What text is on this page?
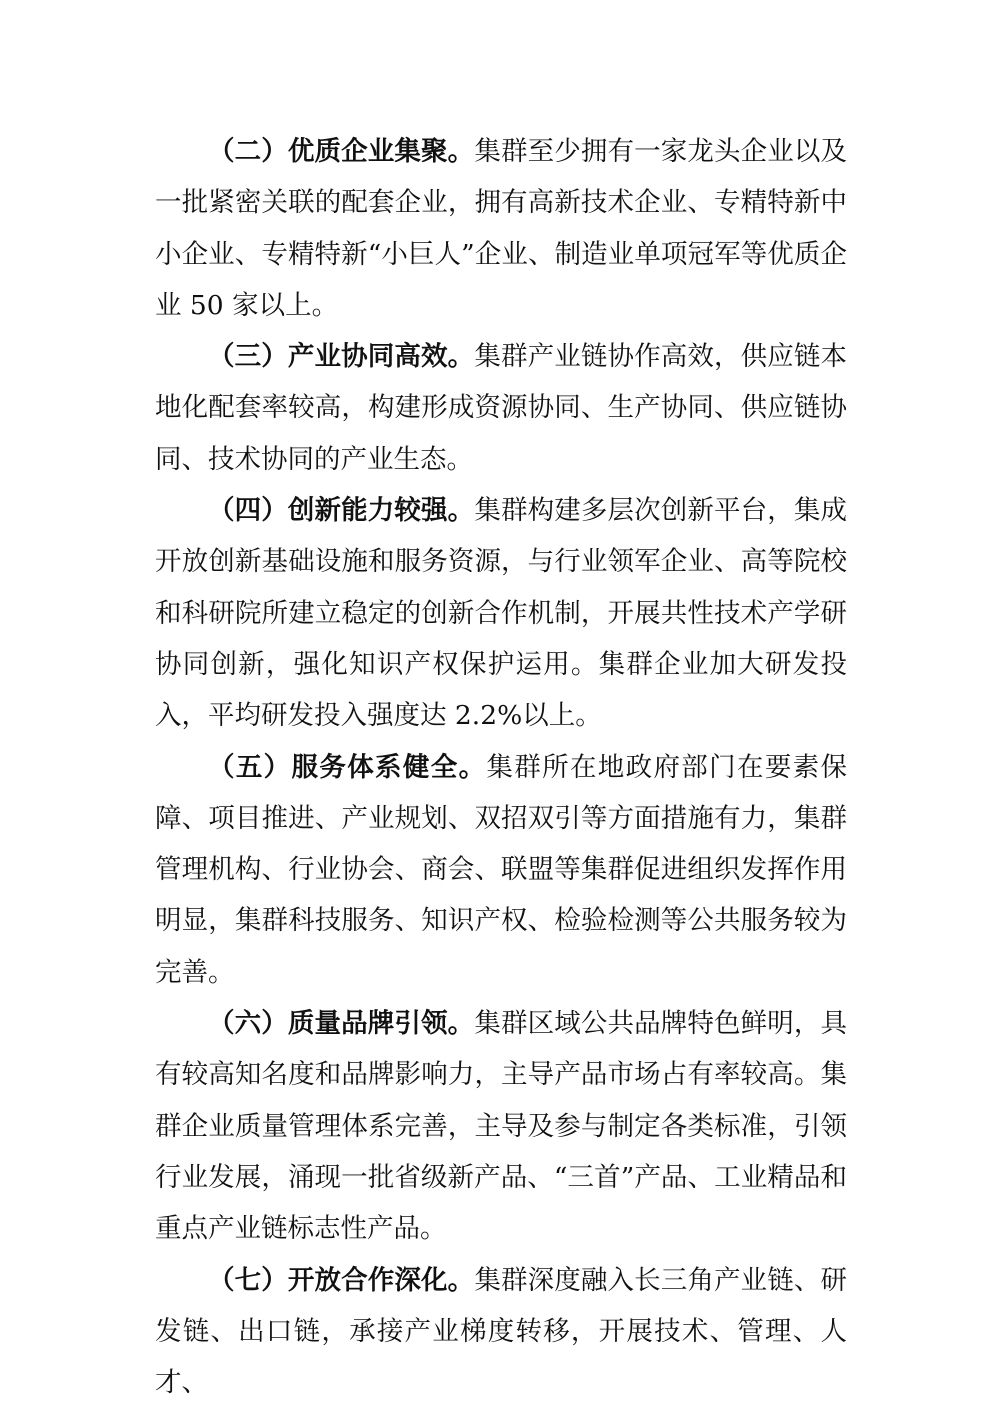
（二）优质企业集聚。集群至少拥有一家龙头企业以及一批紧密关联的配套企业，拥有高新技术企业、专精特新中小企业、专精特新“小巨人”企业、制造业单项冠军等优质企业 50 家以上。

（三）产业协同高效。集群产业链协作高效，供应链本地化配套率较高，构建形成资源协同、生产协同、供应链协同、技术协同的产业生态。

（四）创新能力较强。集群构建多层次创新平台，集成开放创新基础设施和服务资源，与行业领军企业、高等院校和科研院所建立稳定的创新合作机制，开展共性技术产学研协同创新，强化知识产权保护运用。集群企业加大研发投入，平均研发投入强度达 2.2%以上。

（五）服务体系健全。集群所在地政府部门在要素保障、项目推进、产业规划、双招双引等方面措施有力，集群管理机构、行业协会、商会、联盟等集群促进组织发挥作用明显，集群科技服务、知识产权、检验检测等公共服务较为完善。

（六）质量品牌引领。集群区域公共品牌特色鲜明，具有较高知名度和品牌影响力，主导产品市场占有率较高。集群企业质量管理体系完善，主导及参与制定各类标准，引领行业发展，涌现一批省级新产品、“三首”产品、工业精品和重点产业链标志性产品。

（七）开放合作深化。集群深度融入长三角产业链、研发链、出口链，承接产业梯度转移，开展技术、管理、人才、
